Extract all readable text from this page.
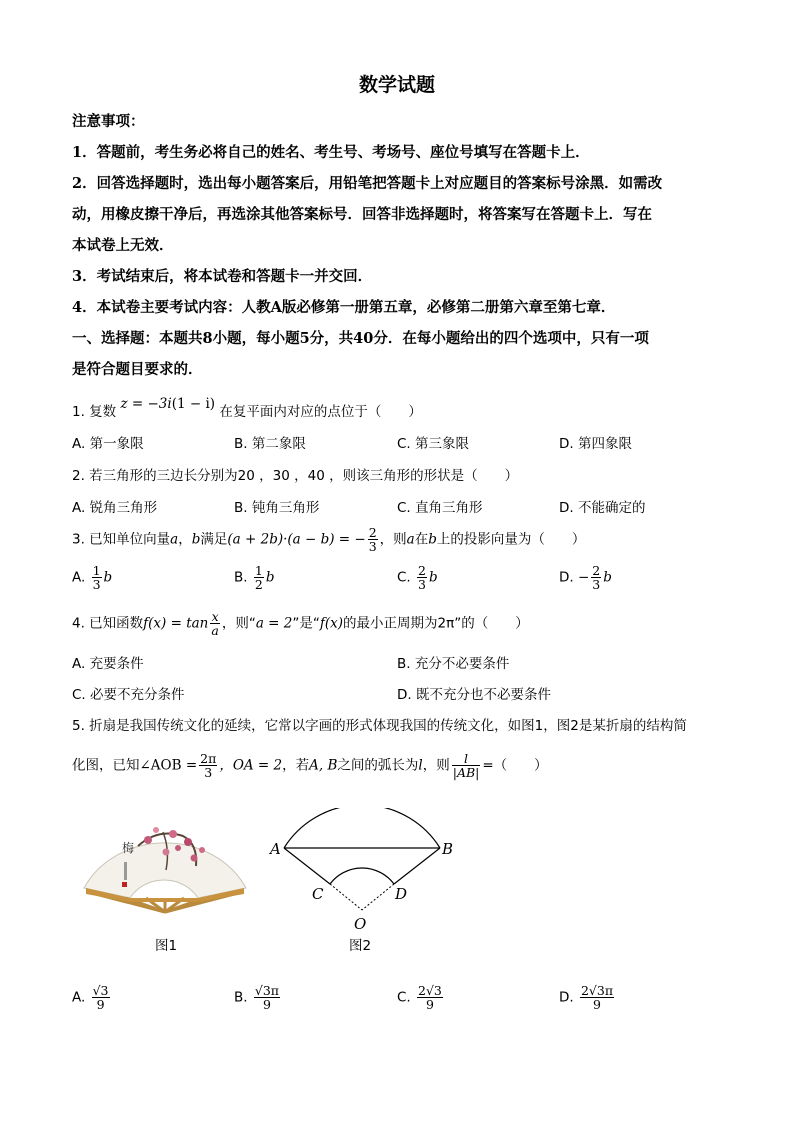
数学试题
注意事项：
1．答题前，考生务必将自己的姓名、考生号、考场号、座位号填写在答题卡上．
2．回答选择题时，选出每小题答案后，用铅笔把答题卡上对应题目的答案标号涂黑．如需改
动，用橡皮擦干净后，再选涂其他答案标号．回答非选择题时，将答案写在答题卡上．写在
本试卷上无效．
3．考试结束后，将本试卷和答题卡一并交回．
4．本试卷主要考试内容：人教A版必修第一册第五章，必修第二册第六章至第七章．
一、选择题：本题共8小题，每小题5分，共40分．在每小题给出的四个选项中，只有一项
是符合题目要求的．
1. 复数 z = −3i(1 − i) 在复平面内对应的点位于（　　）
A. 第一象限	B. 第二象限	C. 第三象限	D. 第四象限
2. 若三角形的三边长分别为20 ，30 ，40 ，则该三角形的形状是（　　）
A. 锐角三角形	B. 钝角三角形	C. 直角三角形	D. 不能确定的
3. 已知单位向量a，b满足(a + 2b)·(a − b) = − $\frac{2}{3}$ ，则a在b上的投影向量为（　　）
A. $\frac{1}{3}$ b	B. $\frac{1}{2}$ b	C. $\frac{2}{3}$ b	D. − $\frac{2}{3}$ b
4. 已知函数$f(x) = \tan \frac{x}{a}$ ，则“a = 2”是“f(x)的最小正周期为2π”的（　　）
A. 充要条件	B. 充分不必要条件
C. 必要不充分条件	D. 既不充分也不必要条件
5. 折扇是我国传统文化的延续，它常以字画的形式体现我国的传统文化，如图1，图2是某折扇的结构简
化图，已知∠AOB = $\frac{2\pi}{3}$ ，OA = 2，若A, B之间的弧长为l，则 $\frac{l}{|AB|}$ =（　　）
梅
图1
A	B
C	D
O
图2
A. $\frac{√3}{9}$	B. $\frac{√3\pi}{9}$	C. $\frac{2√3}{9}$	D. $\frac{2√3\pi}{9}$
